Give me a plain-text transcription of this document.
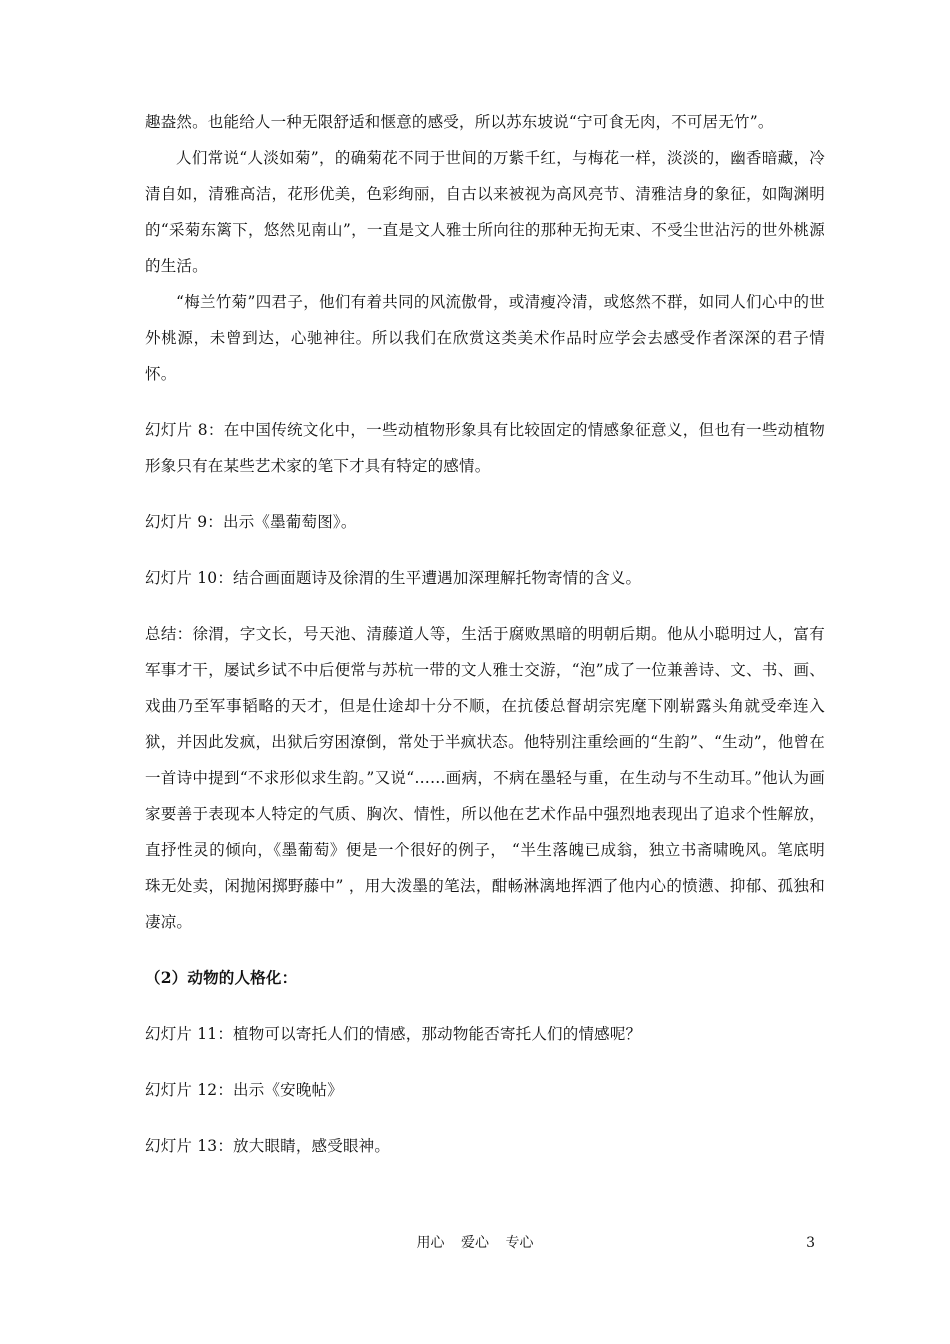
趣盎然。也能给人一种无限舒适和惬意的感受，所以苏东坡说“宁可食无肉，不可居无竹”。

人们常说“人淡如菊”，的确菊花不同于世间的万紫千红，与梅花一样，淡淡的，幽香暗藏，冷清自如，清雅高洁，花形优美，色彩绚丽，自古以来被视为高风亮节、清雅洁身的象征，如陶渊明的“采菊东篱下，悠然见南山”，一直是文人雅士所向往的那种无拘无束、不受尘世沾污的世外桃源的生活。

“梅兰竹菊”四君子，他们有着共同的风流傲骨，或清瘦冷清，或悠然不群，如同人们心中的世外桃源，未曾到达，心驰神往。所以我们在欣赏这类美术作品时应学会去感受作者深深的君子情怀。

幻灯片 8：在中国传统文化中，一些动植物形象具有比较固定的情感象征意义，但也有一些动植物形象只有在某些艺术家的笔下才具有特定的感情。

幻灯片 9：出示《墨葡萄图》。

幻灯片 10：结合画面题诗及徐渭的生平遭遇加深理解托物寄情的含义。

总结：徐渭，字文长，号天池、清藤道人等，生活于腐败黑暗的明朝后期。他从小聪明过人，富有军事才干，屡试乡试不中后便常与苏杭一带的文人雅士交游，“泡”成了一位兼善诗、文、书、画、戏曲乃至军事韬略的天才，但是仕途却十分不顺，在抗倭总督胡宗宪麾下刚崭露头角就受牵连入狱，并因此发疯，出狱后穷困潦倒，常处于半疯状态。他特别注重绘画的“生韵”、“生动”，他曾在一首诗中提到“不求形似求生韵。”又说“……画病，不病在墨轻与重，在生动与不生动耳。”他认为画家要善于表现本人特定的气质、胸次、情性，所以他在艺术作品中强烈地表现出了追求个性解放，直抒性灵的倾向，《墨葡萄》便是一个很好的例子， “半生落魄已成翁，独立书斋啸晚风。笔底明珠无处卖，闲抛闲掷野藤中” ，用大泼墨的笔法，酣畅淋漓地挥洒了他内心的愤懑、抑郁、孤独和凄凉。

（2）动物的人格化：

幻灯片 11：植物可以寄托人们的情感，那动物能否寄托人们的情感呢？

幻灯片 12：出示《安晚帖》

幻灯片 13：放大眼睛，感受眼神。

用心 爱心 专心	3
